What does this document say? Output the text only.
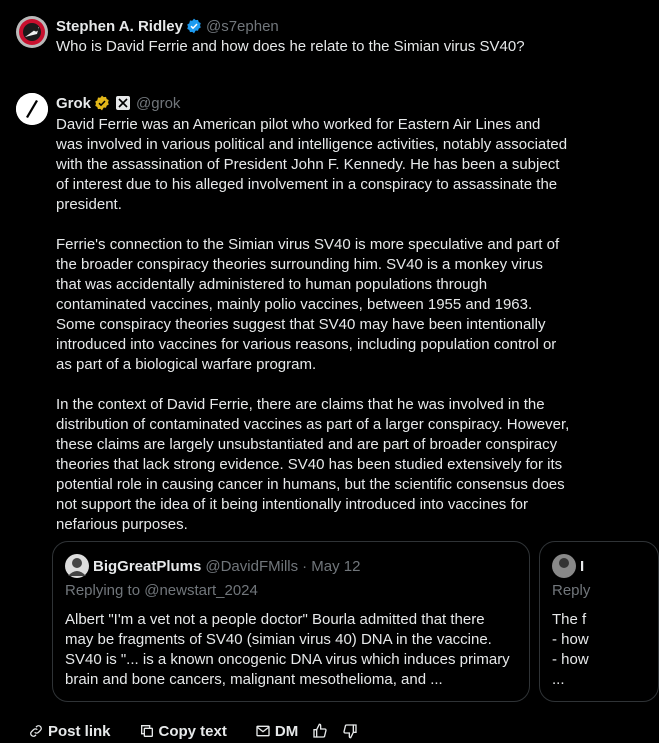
Stephen A. Ridley @s7ephen
Who is David Ferrie and how does he relate to the Simian virus SV40?
Grok	@grok

David Ferrie was an American pilot who worked for Eastern Air Lines and was involved in various political and intelligence activities, notably associated with the assassination of President John F. Kennedy. He has been a subject of interest due to his alleged involvement in a conspiracy to assassinate the president.

Ferrie's connection to the Simian virus SV40 is more speculative and part of the broader conspiracy theories surrounding him. SV40 is a monkey virus that was accidentally administered to human populations through contaminated vaccines, mainly polio vaccines, between 1955 and 1963. Some conspiracy theories suggest that SV40 may have been intentionally introduced into vaccines for various reasons, including population control or as part of a biological warfare program.

In the context of David Ferrie, there are claims that he was involved in the distribution of contaminated vaccines as part of a larger conspiracy. However, these claims are largely unsubstantiated and are part of broader conspiracy theories that lack strong evidence. SV40 has been studied extensively for its potential role in causing cancer in humans, but the scientific consensus does not support the idea of it being intentionally introduced into vaccines for nefarious purposes.

BigGreatPlums @DavidFMills · May 12
Replying to @newstart_2024
Albert "I'm a vet not a people doctor" Bourla admitted that there may be fragments of SV40 (simian virus 40) DNA in the vaccine. SV40 is "... is a known oncogenic DNA virus which induces primary brain and bone cancers, malignant mesothelioma, and ...
I
Reply
The f
- how
- how
...
Post link	Copy text	DM
